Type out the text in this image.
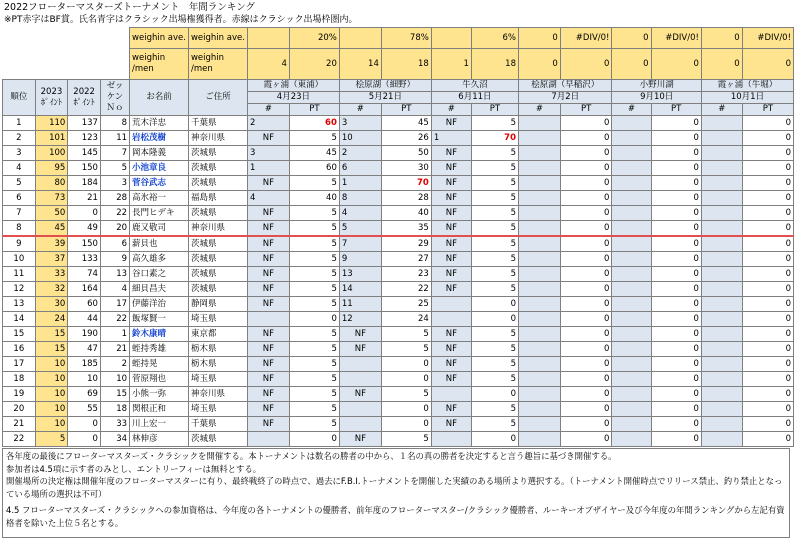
2022フローターマスターズトーナメント　年間ランキング
※PT赤字はBF賞。氏名青字はクラシック出場権獲得者。赤線はクラシック出場枠圏内。
				weighin ave.	weighin ave.		20%		78%		6%	0	#DIV/0!	0	#DIV/0!	0	#DIV/0!
				weighin /men	weighin /men	4	20	14	18	1	18	0	0	0	0	0	0
順位	2023 ﾎﾟｲﾝﾄ	2022 ﾎﾟｲﾝﾄ	ゼッケン Ｎｏ	お名前	ご住所	霞ヶ浦（東浦）		桧原湖（細野）		牛久沼		桧原湖（早稲沢）		小野川湖		霞ヶ浦（牛堀）	
						4月23日		5月21日		6月11日		7月2日		9月10日		10月1日	
						#	PT	#	PT	#	PT	#	PT	#	PT	#	PT
1	110	137	8	荒木洋忠	千葉県	2	60	3	45	NF	5		0		0		0
2	101	123	11	岩松茂樹	神奈川県	NF	5	10	26	1	70		0		0		0
3	100	145	7	岡本隆義	茨城県	3	45	2	50	NF	5		0		0		0
4	95	150	5	小池章良	茨城県	1	60	6	30	NF	5		0		0		0
5	80	184	3	菅谷武志	茨城県	NF	5	1	70	NF	5		0		0		0
6	73	21	28	高氷裕一	福島県	4	40	8	28	NF	5		0		0		0
7	50	0	22	長門ヒデキ	茨城県	NF	5	4	40	NF	5		0		0		0
8	45	49	20	鹿又敬司	神奈川県	NF	5	5	35	NF	5		0		0		0
9	39	150	6	薪貝也	茨城県	NF	5	7	29	NF	5		0		0		0
10	37	133	9	高久雄多	茨城県	NF	5	9	27	NF	5		0		0		0
11	33	74	13	谷口素之	茨城県	NF	5	13	23	NF	5		0		0		0
12	32	164	4	細貝昌夫	茨城県	NF	5	14	22	NF	5		0		0		0
13	30	60	17	伊藤洋治	静岡県	NF	5	11	25		0		0		0		0
14	24	44	22	飯塚賢一	埼玉県		0	12	24		0		0		0		0
15	15	190	1	鈴木康晴	東京都	NF	5	NF	5	NF	5		0		0		0
16	15	47	21	蛭持秀雄	栃木県	NF	5	NF	5	NF	5		0		0		0
17	10	185	2	蛭持晃	栃木県	NF	5		0	NF	5		0		0		0
18	10	10	10	菅原翔也	埼玉県	NF	5		0	NF	5		0		0		0
19	10	69	15	小熊一弥	神奈川県	NF	5	NF	5		0		0		0		0
20	10	55	18	関根正和	埼玉県	NF	5		0	NF	5		0		0		0
21	10	0	33	川上宏一	千葉県	NF	5		0	NF	5		0		0		0
22	5	0	34	林伸彦	茨城県		0	NF	5		0		0		0		0

各年度の最後にフローターマスターズ・クラシックを開催する。本トーナメントは数名の勝者の中から、１名の真の勝者を決定すると言う趣旨に基づき開催する。

参加者は4.5項に示す者のみとし、エントリーフィーは無料とする。

開催場所の決定権は開催年度のフローターマスターに有り、最終戦終了の時点で、過去にF.B.I.トーナメントを開催した実績のある場所より選択する。（トーナメント開催時点でリリース禁止、釣り禁止となっている場所の選択は不可）

4.5 フローターマスターズ・クラシックへの参加資格は、今年度の各トーナメントの優勝者、前年度のフローターマスター/クラシック優勝者、ルーキーオブザイヤー及び今年度の年間ランキングから左記有資格者を除いた上位５名とする。
